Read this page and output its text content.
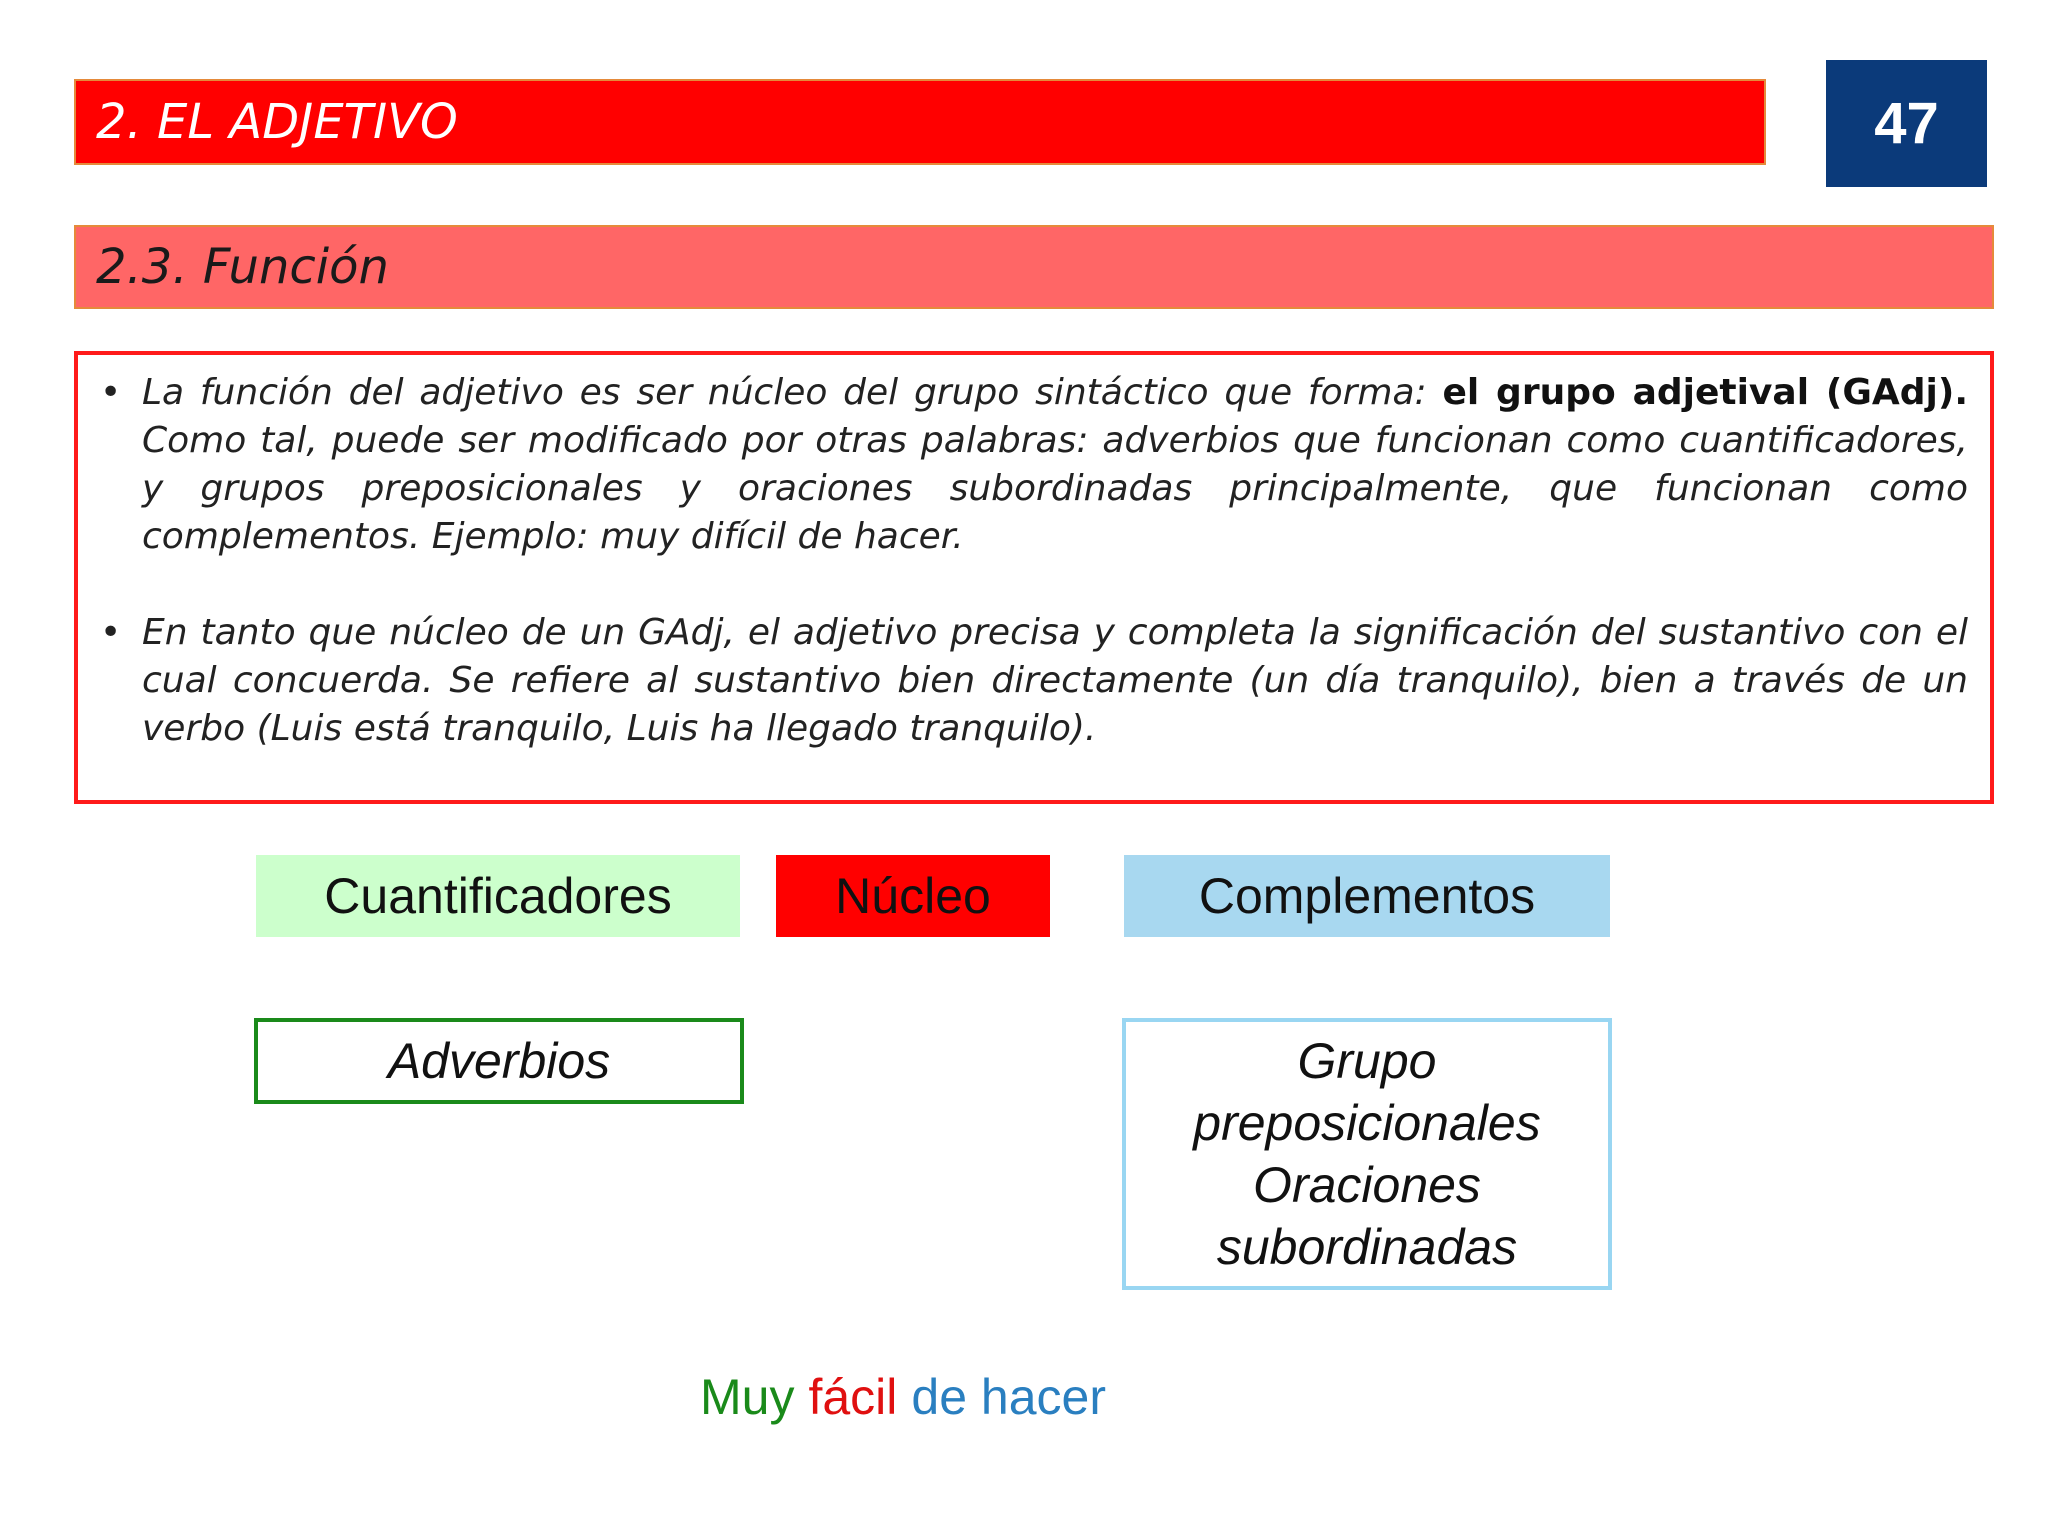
2. EL ADJETIVO	47
2.3. Función
• La función del adjetivo es ser núcleo del grupo sintáctico que forma: el grupo adjetival (GAdj). Como tal, puede ser modificado por otras palabras: adverbios que funcionan como cuantificadores, y grupos preposicionales y oraciones subordinadas principalmente, que funcionan como complementos. Ejemplo: muy difícil de hacer.
• En tanto que núcleo de un GAdj, el adjetivo precisa y completa la significación del sustantivo con el cual concuerda. Se refiere al sustantivo bien directamente (un día tranquilo), bien a través de un verbo (Luis está tranquilo, Luis ha llegado tranquilo).
Cuantificadores	Núcleo	Complementos
Adverbios	Grupo
preposicionales
Oraciones
subordinadas
Muy fácil de hacer
